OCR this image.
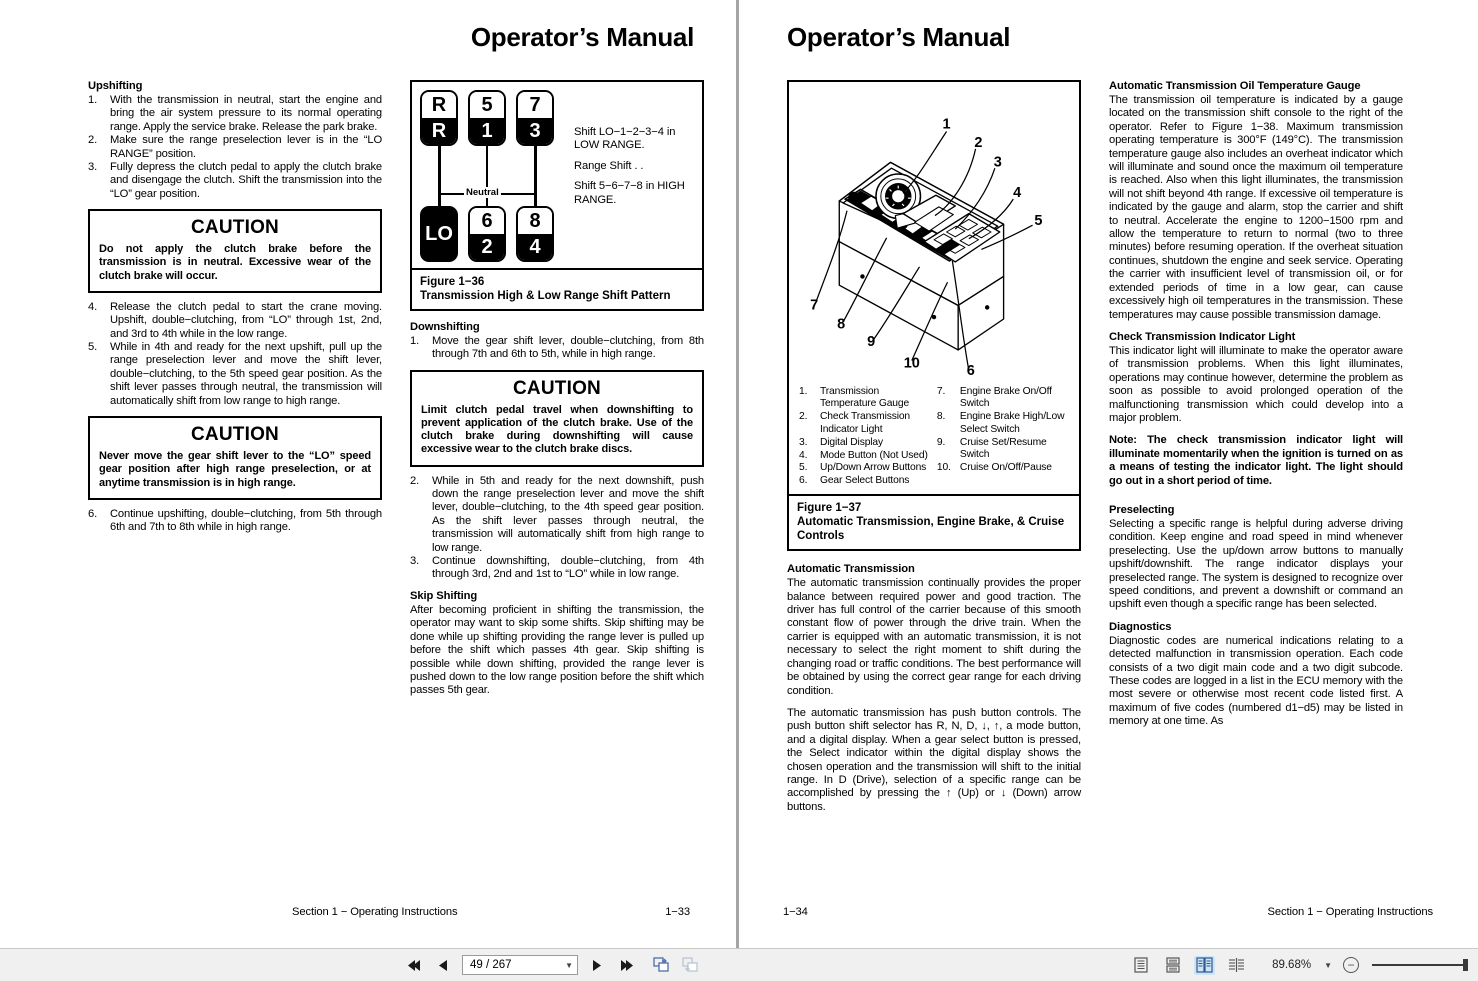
Operator’s Manual
Upshifting
1.	With the transmission in neutral, start the engine and bring the air system pressure to its normal operating range. Apply the service brake. Release the park brake.
2.	Make sure the range preselection lever is in the “LO RANGE” position.
3.	Fully depress the clutch pedal to apply the clutch brake and disengage the clutch. Shift the transmission into the “LO” gear position.
CAUTION
Do not apply the clutch brake before the transmission is in neutral. Excessive wear of the clutch brake will occur.
4.	Release the clutch pedal to start the crane moving. Upshift, double−clutching, from “LO” through 1st, 2nd, and 3rd to 4th while in the low range.
5.	While in 4th and ready for the next upshift, pull up the range preselection lever and move the shift lever, double−clutching, to the 5th speed gear position. As the shift lever passes through neutral, the transmission will automatically shift from low range to high range.
CAUTION
Never move the gear shift lever to the “LO” speed gear position after high range preselection, or at anytime transmission is in high range.
6.	Continue upshifting, double−clutching, from 5th through 6th and 7th to 8th while in high range.
Neutral
R
R
5
1
7
3
LO
6
2
8
4

Shift LO−1−2−3−4 in LOW RANGE.

Range Shift . .

Shift 5−6−7−8 in HIGH RANGE.

Figure 1−36
Transmission High & Low Range Shift Pattern
Downshifting
1.	Move the gear shift lever, double−clutching, from 8th through 7th and 6th to 5th, while in high range.
CAUTION
Limit clutch pedal travel when downshifting to prevent application of the clutch brake. Use of the clutch brake during downshifting will cause excessive wear to the clutch brake discs.
2.	While in 5th and ready for the next downshift, push down the range preselection lever and move the shift lever, double−clutching, to the 4th speed gear position. As the shift lever passes through neutral, the transmission will automatically shift from high range to low range.
3.	Continue downshifting, double−clutching, from 4th through 3rd, 2nd and 1st to “LO” while in low range.
Skip Shifting

After becoming proficient in shifting the transmission, the operator may want to skip some shifts. Skip shifting may be done while up shifting providing the range lever is pulled up before the shift which passes 4th gear. Skip shifting is possible while down shifting, provided the range lever is pushed down to the low range position before the shift which passes 5th gear.

Section 1 − Operating Instructions	1−33
Operator’s Manual
1
2
3
4
5
6
7
8
9
10
1. Transmission Temperature Gauge
2. Check Transmission Indicator Light
3. Digital Display
4. Mode Button (Not Used)
5. Up/Down Arrow Buttons
6. Gear Select Buttons
7. Engine Brake On/Off Switch
8. Engine Brake High/Low Select Switch
9. Cruise Set/Resume Switch
10. Cruise On/Off/Pause
Figure 1−37
Automatic Transmission, Engine Brake, & Cruise Controls
Automatic Transmission

The automatic transmission continually provides the proper balance between required power and good traction. The driver has full control of the carrier because of this smooth constant flow of power through the drive train. When the carrier is equipped with an automatic transmission, it is not necessary to select the right moment to shift during the changing road or traffic conditions. The best performance will be obtained by using the correct gear range for each driving condition.

The automatic transmission has push button controls. The push button shift selector has R, N, D, ↓, ↑, a mode button, and a digital display. When a gear select button is pressed, the Select indicator within the digital display shows the chosen operation and the transmission will shift to the initial range. In D (Drive), selection of a specific range can be accomplished by pressing the ↑ (Up) or ↓ (Down) arrow buttons.

Automatic Transmission Oil Temperature Gauge

The transmission oil temperature is indicated by a gauge located on the transmission shift console to the right of the operator. Refer to Figure 1−38. Maximum transmission operating temperature is 300°F (149°C). The transmission temperature gauge also includes an overheat indicator which will illuminate and sound once the maximum oil temperature is reached. Also when this light illuminates, the transmission will not shift beyond 4th range. If excessive oil temperature is indicated by the gauge and alarm, stop the carrier and shift to neutral. Accelerate the engine to 1200−1500 rpm and allow the temperature to return to normal (two to three minutes) before resuming operation. If the overheat situation continues, shutdown the engine and seek service. Operating the carrier with insufficient level of transmission oil, or for extended periods of time in a low gear, can cause excessively high oil temperatures in the transmission. These temperatures may cause possible transmission damage.

Check Transmission Indicator Light

This indicator light will illuminate to make the operator aware of transmission problems. When this light illuminates, operations may continue however, determine the problem as soon as possible to avoid prolonged operation of the malfunctioning transmission which could develop into a major problem.

Note: The check transmission indicator light will illuminate momentarily when the ignition is turned on as a means of testing the indicator light. The light should go out in a short period of time.

Preselecting

Selecting a specific range is helpful during adverse driving condition. Keep engine and road speed in mind whenever preselecting. Use the up/down arrow buttons to manually upshift/downshift. The range indicator displays your preselected range. The system is designed to recognize over speed conditions, and prevent a downshift or command an upshift even though a specific range has been selected.

Diagnostics

Diagnostic codes are numerical indications relating to a detected malfunction in transmission operation. Each code consists of a two digit main code and a two digit subcode. These codes are logged in a list in the ECU memory with the most severe or otherwise most recent code listed first. A maximum of five codes (numbered d1−d5) may be listed in memory at one time. As

1−34	Section 1 − Operating Instructions
49 / 267	▼	89.68% ▼	−
